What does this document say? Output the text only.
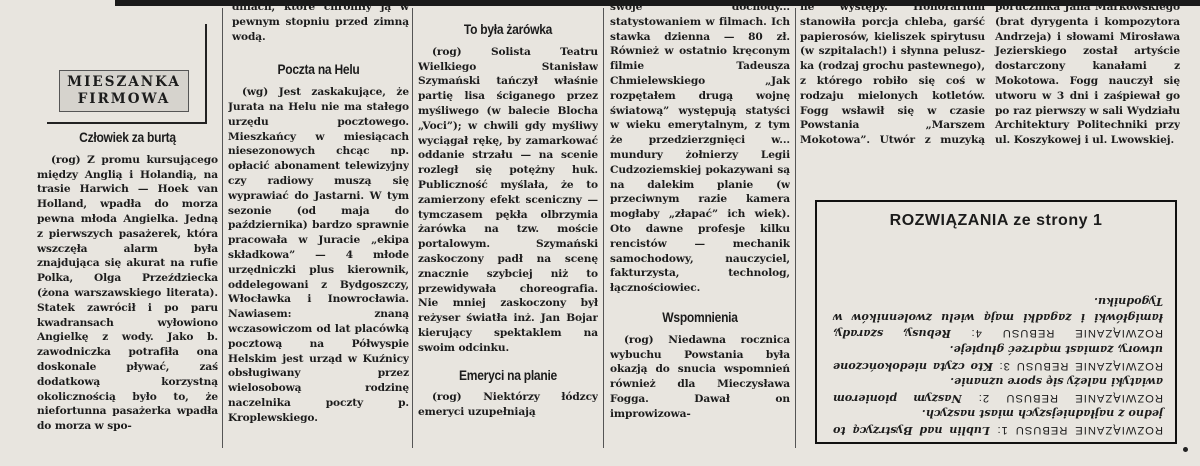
Człowiek za burtą

(rog) Z promu kursującego między Anglią i Holandią, na trasie Harwich — Hoek van Holland, wpadła do morza pewna młoda Angielka. Jedną z pierwszych pasażerek, która wszczęła alarm była znajdująca się akurat na rufie Polka, Olga Przeździecka (żona warszawskiego literata). Statek zawrócił i po paru kwadransach wyłowiono Angielkę z wody. Jako b. zawodniczka potrafiła ona doskonale pływać, zaś dodatkową korzystną okolicznością było to, że niefortunna pasażerka wpadła do morza w spo-

MIESZANKA
FIRMOWA

dniach, które chroniły ją w pewnym stopniu przed zimną wodą.

Poczta na Helu

(wg) Jest zaskakujące, że Jurata na Helu nie ma stałego urzędu pocztowego. Mieszkańcy w miesiącach niesezonowych chcąc np. opłacić abonament telewizyjny czy radiowy muszą się wyprawiać do Jastarni. W tym sezonie (od maja do października) bardzo sprawnie pracowała w Juracie „ekipa składkowa” — 4 młode urzędniczki plus kierownik, oddelegowani z Bydgoszczy, Włocławka i Inowrocławia. Nawiasem: znaną wczasowiczom od lat placówką pocztową na Półwyspie Helskim jest urząd w Kuźnicy obsługiwany przez wielosobową rodzinę naczelnika poczty p. Kroplewskiego.

To była żarówka

(rog) Solista Teatru Wielkiego Stanisław Szymański tańczył właśnie partię lisa ściganego przez myśliwego (w balecie Blocha „Voci”); w chwili gdy myśliwy wyciągał rękę, by zamarkować oddanie strzału — na scenie rozległ się potężny huk. Publiczność myślała, że to zamierzony efekt sceniczny — tymczasem pękła olbrzymia żarówka na tzw. moście portalowym. Szymański zaskoczony padł na scenę znacznie szybciej niż to przewidywała choreografia. Nie mniej zaskoczony był reżyser światła inż. Jan Bojar kierujący spektaklem na swoim odcinku.

Emeryci na planie

(rog) Niektórzy łódzcy emeryci uzupełniają

swoje dochody... statystowaniem w filmach. Ich stawka dzienna — 80 zł. Również w ostatnio kręconym filmie Tadeusza Chmielewskiego „Jak rozpętałem drugą wojnę światową” występują statyści w wieku emerytalnym, z tym że przedzierzgnięci w... mundury żołnierzy Legii Cudzoziemskiej pokazywani są na dalekim planie (w przeciwnym razie kamera mogłaby „złapać” ich wiek). Oto dawne profesje kilku rencistów — mechanik samochodowy, nauczyciel, fakturzysta, technolog, łącznościowiec.

Wspomnienia

(rog) Niedawna rocznica wybuchu Powstania była okazją do snucia wspomnień również dla Mieczysława Fogga. Dawał on improwizowa-

ne występy. Honorarium stanowiła porcja chleba, garść papierosów, kieliszek spirytusu (w szpitalach!) i słynna peluszka (rodzaj grochu pastewnego), z którego robiło się coś w rodzaju mielonych kotletów. Fogg wsławił się w czasie Powstania „Marszem Mokotowa”. Utwór z muzyką porucznika Jana Markowskiego (brat dyrygenta i kompozytora Andrzeja) i słowami Mirosława Jezierskiego został artyście dostarczony kanałami z Mokotowa. Fogg nauczył się utworu w 3 dni i zaśpiewał go po raz pierwszy w sali Wydziału Architektury Politechniki przy ul. Koszykowej i ul. Lwowskiej.

ROZWIĄZANIA ze strony 1

ROZWIĄZANIE REBUSU 1: Lublin nad Bystrzycą to jedno z najładniejszych miast naszych.

ROZWIĄZANIE REBUSU 2: Naszym pionierom awiatyki należy się spore uznanie.

ROZWIĄZANIE REBUSU 3: Kto czyta niedokończone utwory, zamiast mądrzeć głupieje.

ROZWIĄZANIE REBUSU 4: Rebusy, szarady, łamigłówki i zagadki mają wielu zwolenników w Tygodniku.
